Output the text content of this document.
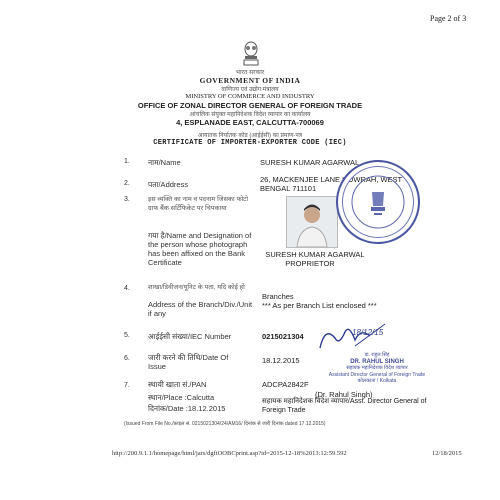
Page 2 of 3
भारत सरकार
GOVERNMENT OF INDIA
वाणिज्य एवं उद्योग मंत्रालय
MINISTRY OF COMMERCE AND INDUSTRY
OFFICE OF ZONAL DIRECTOR GENERAL OF FOREIGN TRADE
आंचलिक संयुक्त महानिदेशक विदेश व्यापार का कार्यालय
4, ESPLANADE EAST, CALCUTTA-700069
आयातक निर्यातक कोड (आईईसी) का प्रमाण-पत्र
CERTIFICATE OF IMPORTER-EXPORTER CODE (IEC)
1. नाम/Name	SURESH KUMAR AGARWAL
2. पता/Address
26, MACKENJEE LANE HOWRAH, WEST BENGAL 711101
3.	इस व्यक्ति का नाम व पदनाम जिसका फोटो ग्राफ बैंक सर्टिफिकेट पर चिपकाया
गया है/Name and Designation of the person whose photograph has been affixed on the Bank Certificate
SURESH KUMAR AGARWAL
PROPRIETOR
4.	शाखा/डिवीजन/यूनिट के पता, यदि कोई हो
Address of the Branch/Div./Unit if any
Branches
*** As per Branch List enclosed ***
5. आईईसी संख्या/IEC Number	0215021304
6. जारी करने की तिथि/Date Of
Issue
18.12.2015
7. स्थायी खाता सं./PAN	ADCPA2842F
18/12/15
डा. राहुल सिंह
DR. RAHUL SINGH
सहायक महानिदेशक विदेश व्यापार
Assistant Director General of Foreign Trade
कोलकाता / Kolkata
(Dr. Rahul Singh)
स्थान/Place :Calcutta	सहायक महानिदेशक विदेश व्यापार/Asst. Director General of Foreign Trade
दिनांक/Date :18.12.2015
(Issued From File No./फ़ाइल सं. 0215021304/24/AM16/ दिनांक से जारी दिनांक dated 17.12.2015)
http://200.9.1.1/homepage/html/jars/dgftOOBCprint.asp?id=2015-12-18%2013:12:59.592	12/18/2015
